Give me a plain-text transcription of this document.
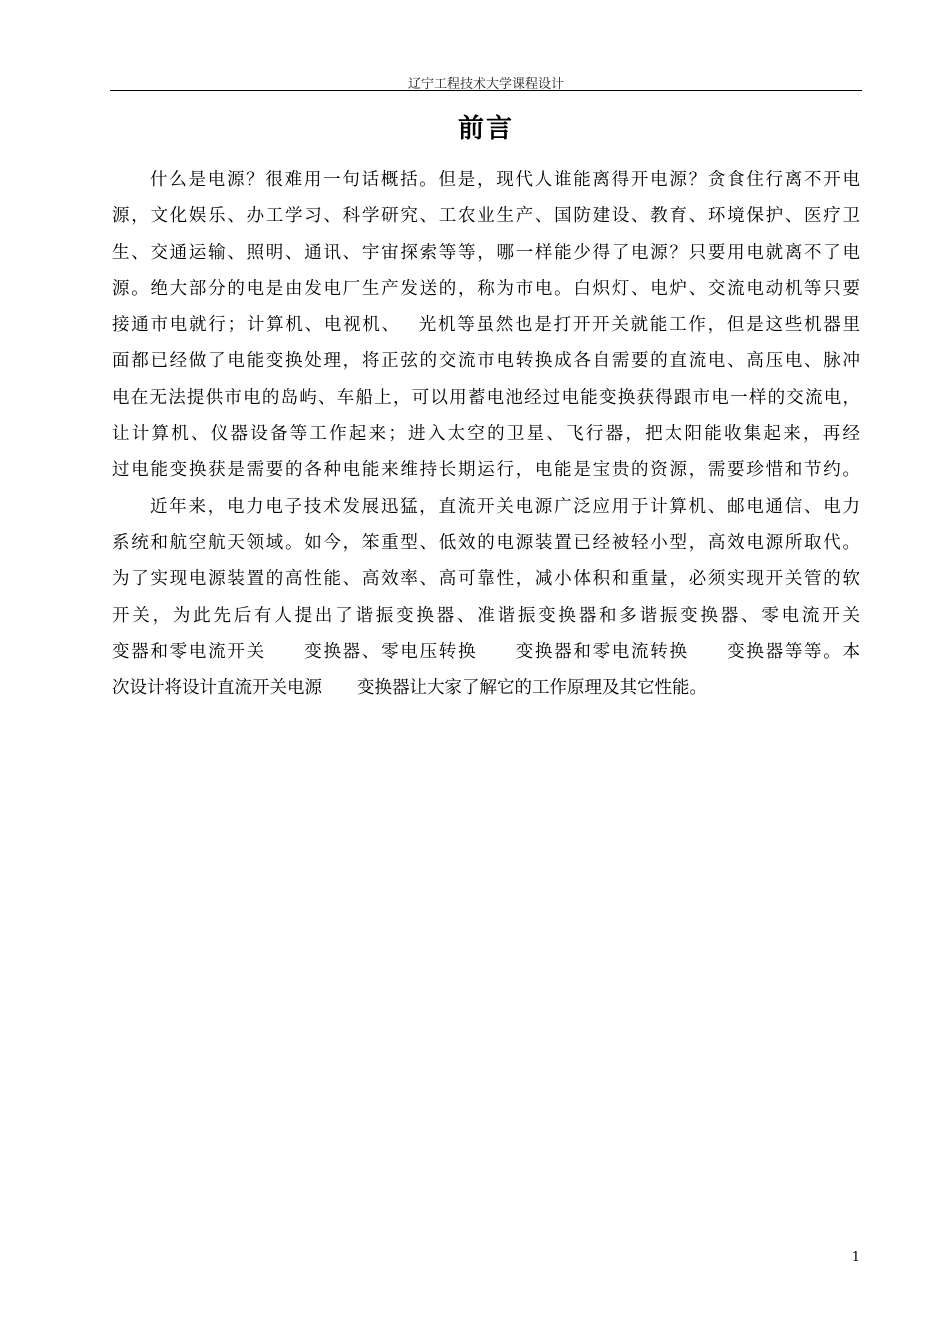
辽宁工程技术大学课程设计
前言
什么是电源？很难用一句话概括。但是，现代人谁能离得开电源？贪食住行离不开电
源，文化娱乐、办工学习、科学研究、工农业生产、国防建设、教育、环境保护、医疗卫
生、交通运输、照明、通讯、宇宙探索等等，哪一样能少得了电源？只要用电就离不了电
源。绝大部分的电是由发电厂生产发送的，称为市电。白炽灯、电炉、交流电动机等只要
接通市电就行；计算机、电视机、　 光机等虽然也是打开开关就能工作，但是这些机器里
面都已经做了电能变换处理，将正弦的交流市电转换成各自需要的直流电、高压电、脉冲
电在无法提供市电的岛屿、车船上，可以用蓄电池经过电能变换获得跟市电一样的交流电，
让计算机、仪器设备等工作起来；进入太空的卫星、飞行器，把太阳能收集起来，再经
过电能变换获是需要的各种电能来维持长期运行，电能是宝贵的资源，需要珍惜和节约。
近年来，电力电子技术发展迅猛，直流开关电源广泛应用于计算机、邮电通信、电力
系统和航空航天领域。如今，笨重型、低效的电源装置已经被轻小型，高效电源所取代。
为了实现电源装置的高性能、高效率、高可靠性，减小体积和重量，必须实现开关管的软
开关，为此先后有人提出了谐振变换器、准谐振变换器和多谐振变换器、零电流开关
变器和零电流开关　　变换器、零电压转换　　变换器和零电流转换　　变换器等等。本
次设计将设计直流开关电源　　变换器让大家了解它的工作原理及其它性能。
1
